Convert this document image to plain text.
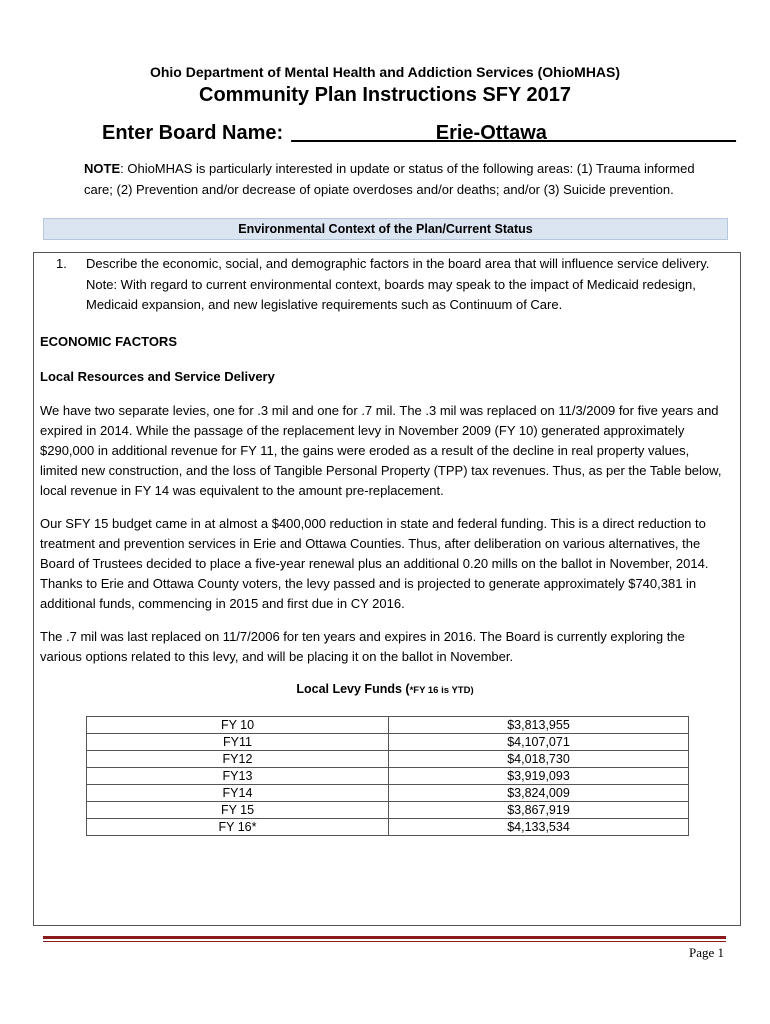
Ohio Department of Mental Health and Addiction Services (OhioMHAS)
Community Plan Instructions SFY 2017
Enter Board Name: _____________Erie-Ottawa_________________
NOTE: OhioMHAS is particularly interested in update or status of the following areas: (1) Trauma informed care; (2) Prevention and/or decrease of opiate overdoses and/or deaths; and/or (3) Suicide prevention.
Environmental Context of the Plan/Current Status
1. Describe the economic, social, and demographic factors in the board area that will influence service delivery. Note: With regard to current environmental context, boards may speak to the impact of Medicaid redesign, Medicaid expansion, and new legislative requirements such as Continuum of Care.
ECONOMIC FACTORS
Local Resources and Service Delivery
We have two separate levies, one for .3 mil and one for .7 mil. The .3 mil was replaced on 11/3/2009 for five years and expired in 2014. While the passage of the replacement levy in November 2009 (FY 10) generated approximately $290,000 in additional revenue for FY 11, the gains were eroded as a result of the decline in real property values, limited new construction, and the loss of Tangible Personal Property (TPP) tax revenues. Thus, as per the Table below, local revenue in FY 14 was equivalent to the amount pre-replacement.
Our SFY 15 budget came in at almost a $400,000 reduction in state and federal funding. This is a direct reduction to treatment and prevention services in Erie and Ottawa Counties. Thus, after deliberation on various alternatives, the Board of Trustees decided to place a five-year renewal plus an additional 0.20 mills on the ballot in November, 2014. Thanks to Erie and Ottawa County voters, the levy passed and is projected to generate approximately $740,381 in additional funds, commencing in 2015 and first due in CY 2016.
The .7 mil was last replaced on 11/7/2006 for ten years and expires in 2016. The Board is currently exploring the various options related to this levy, and will be placing it on the ballot in November.
Local Levy Funds (*FY 16 is YTD)
FY 10	$3,813,955
FY11	$4,107,071
FY12	$4,018,730
FY13	$3,919,093
FY14	$3,824,009
FY 15	$3,867,919
FY 16*	$4,133,534
Page 1
